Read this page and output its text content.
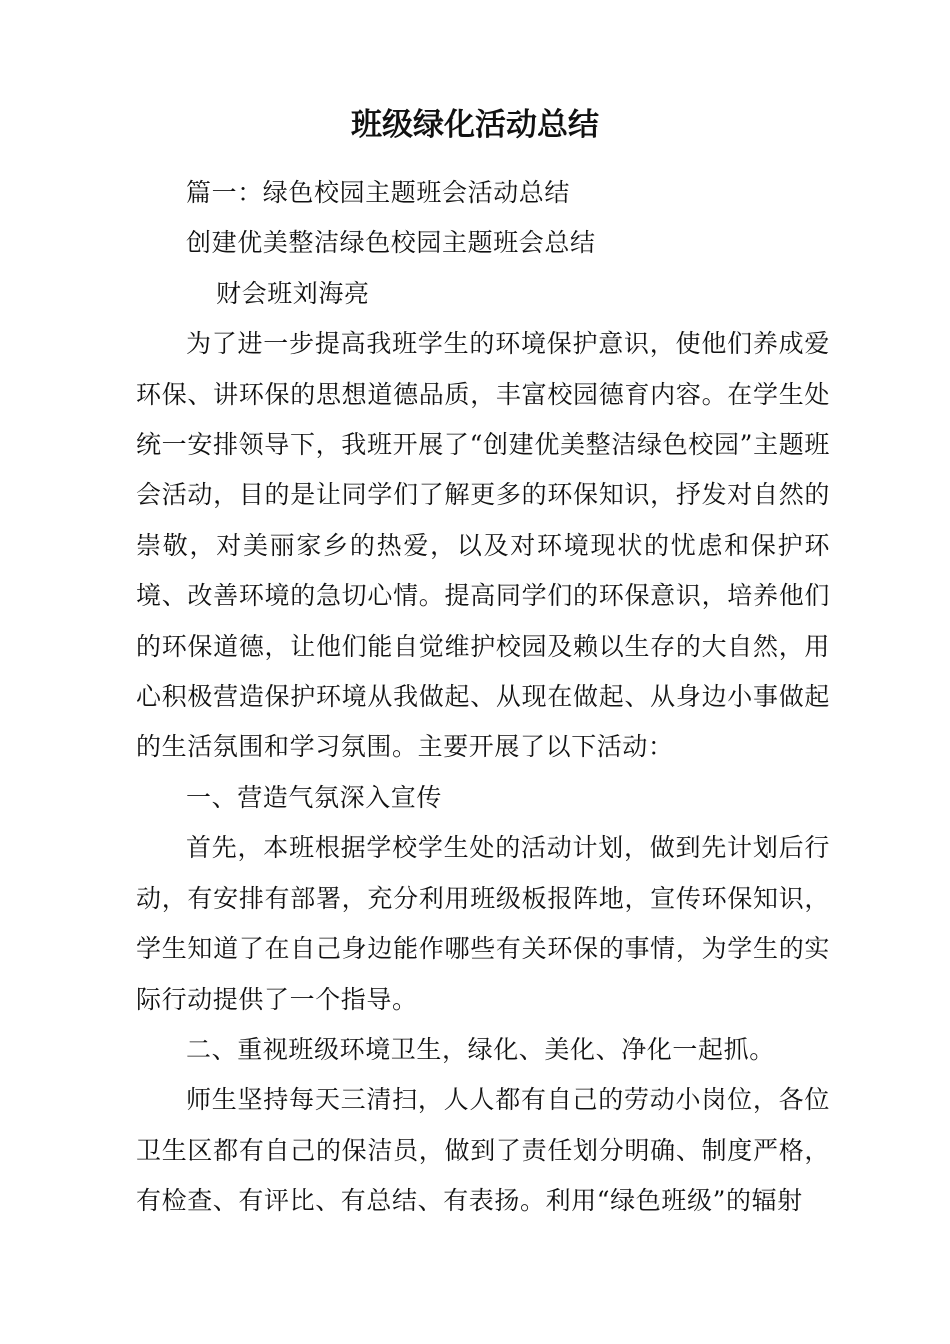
班级绿化活动总结

篇一：绿色校园主题班会活动总结

创建优美整洁绿色校园主题班会总结

财会班刘海亮

为了进一步提高我班学生的环境保护意识，使他们养成爱环保、讲环保的思想道德品质，丰富校园德育内容。在学生处统一安排领导下，我班开展了“创建优美整洁绿色校园”主题班会活动，目的是让同学们了解更多的环保知识，抒发对自然的崇敬，对美丽家乡的热爱，以及对环境现状的忧虑和保护环境、改善环境的急切心情。提高同学们的环保意识，培养他们的环保道德，让他们能自觉维护校园及赖以生存的大自然，用心积极营造保护环境从我做起、从现在做起、从身边小事做起的生活氛围和学习氛围。主要开展了以下活动：

一、营造气氛深入宣传

首先，本班根据学校学生处的活动计划，做到先计划后行动，有安排有部署，充分利用班级板报阵地，宣传环保知识，学生知道了在自己身边能作哪些有关环保的事情，为学生的实际行动提供了一个指导。

二、重视班级环境卫生，绿化、美化、净化一起抓。

师生坚持每天三清扫，人人都有自己的劳动小岗位，各位卫生区都有自己的保洁员，做到了责任划分明确、制度严格，有检查、有评比、有总结、有表扬。利用“绿色班级”的辐射
